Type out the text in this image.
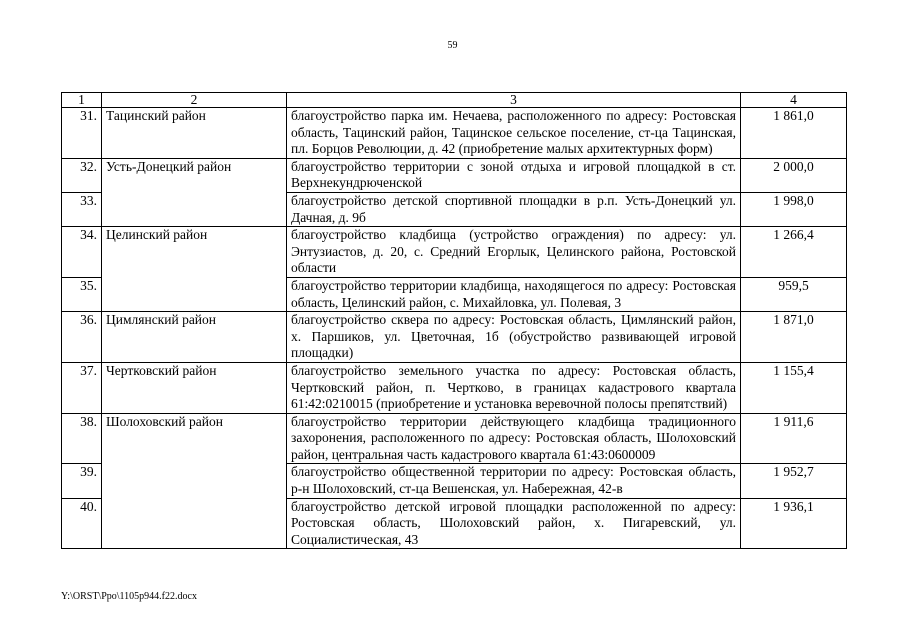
59
1	2	3	4
31.	Тацинский район	благоустройство парка им. Нечаева, расположенного по адресу: Ростовская область, Тацинский район, Тацинское сельское поселение, ст-ца Тацинская, пл. Борцов Революции, д. 42 (приобретение малых архитектурных форм)	1 861,0
32.	Усть-Донецкий район	благоустройство территории с зоной отдыха и игровой площадкой в ст. Верхнекундрюченской	2 000,0
33.		благоустройство детской спортивной площадки в р.п. Усть-Донецкий ул. Дачная, д. 9б	1 998,0
34.	Целинский район	благоустройство кладбища (устройство ограждения) по адресу: ул. Энтузиастов, д. 20, с. Средний Егорлык, Целинского района, Ростовской области	1 266,4
35.		благоустройство территории кладбища, находящегося по адресу: Ростовская область, Целинский район, с. Михайловка, ул. Полевая, 3	959,5
36.	Цимлянский район	благоустройство сквера по адресу: Ростовская область, Цимлянский район, х. Паршиков, ул. Цветочная, 1б (обустройство развивающей игровой площадки)	1 871,0
37.	Чертковский район	благоустройство земельного участка по адресу: Ростовская область, Чертковский район, п. Чертково, в границах кадастрового квартала 61:42:0210015 (приобретение и установка веревочной полосы препятствий)	1 155,4
38.	Шолоховский район	благоустройство территории действующего кладбища традиционного захоронения, расположенного по адресу: Ростовская область, Шолоховский район, центральная часть кадастрового квартала 61:43:0600009	1 911,6
39.		благоустройство общественной территории по адресу: Ростовская область, р-н Шолоховский, ст-ца Вешенская, ул. Набережная, 42-в	1 952,7
40.		благоустройство детской игровой площадки расположенной по адресу: Ростовская область, Шолоховский район, х. Пигаревский, ул. Социалистическая, 43	1 936,1
Y:\ORST\Ppo\1105p944.f22.docx
